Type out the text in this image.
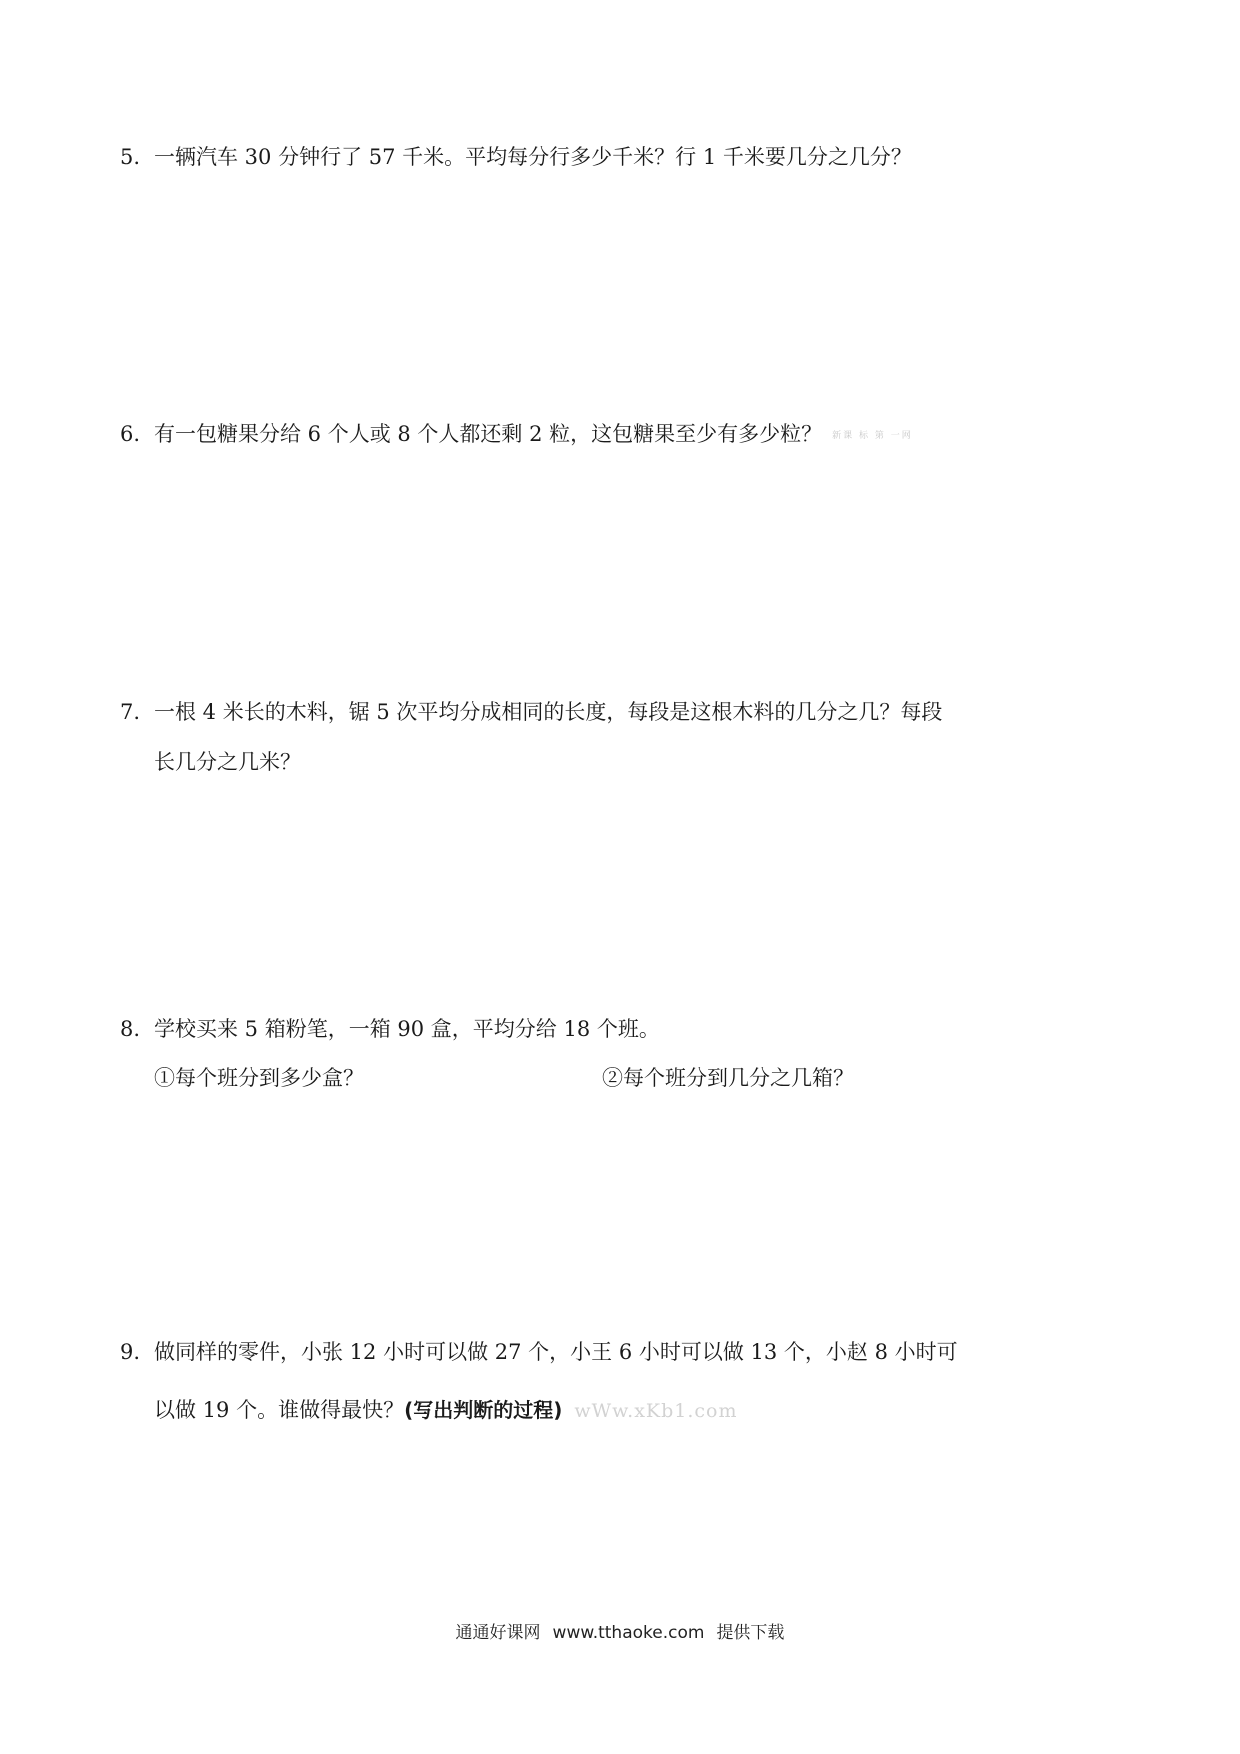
5. 一辆汽车 30 分钟行了 57 千米。平均每分行多少千米？行 1 千米要几分之几分？
6. 有一包糖果分给 6 个人或 8 个人都还剩 2 粒，这包糖果至少有多少粒？ 新课 标 第 一网
7. 一根 4 米长的木料，锯 5 次平均分成相同的长度，每段是这根木料的几分之几？每段
长几分之几米？
8. 学校买来 5 箱粉笔，一箱 90 盒，平均分给 18 个班。
①每个班分到多少盒？	②每个班分到几分之几箱？
9. 做同样的零件，小张 12 小时可以做 27 个，小王 6 小时可以做 13 个，小赵 8 小时可
以做 19 个。谁做得最快？(写出判断的过程) wWw.xKb1.com
通通好课网 www.tthaoke.com 提供下载
